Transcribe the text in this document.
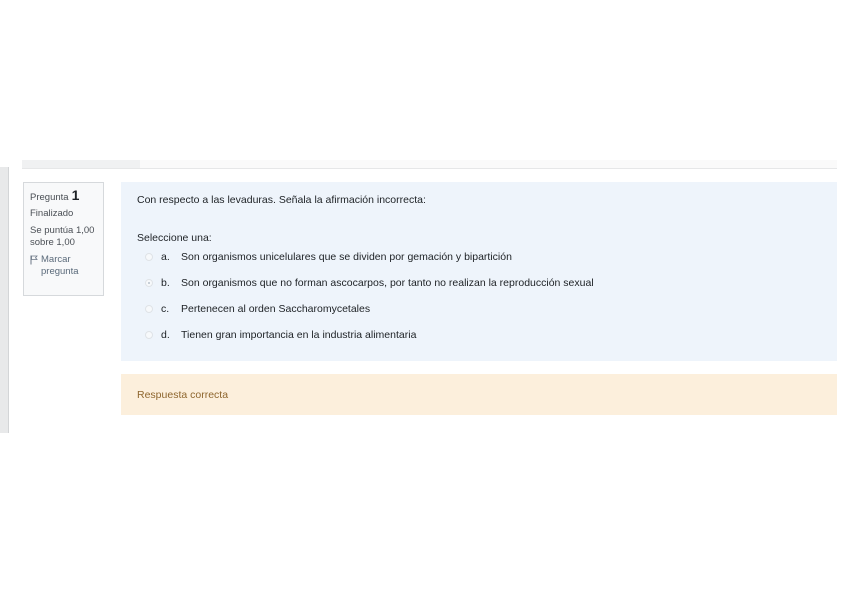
Pregunta 1
Finalizado
Se puntúa 1,00 sobre 1,00
Marcar pregunta

Con respecto a las levaduras. Señala la afirmación incorrecta:

Seleccione una:

a.	Son organismos unicelulares que se dividen por gemación y bipartición
b.	Son organismos que no forman ascocarpos, por tanto no realizan la reproducción sexual
c.	Pertenecen al orden Saccharomycetales
d.	Tienen gran importancia en la industria alimentaria
Respuesta correcta
